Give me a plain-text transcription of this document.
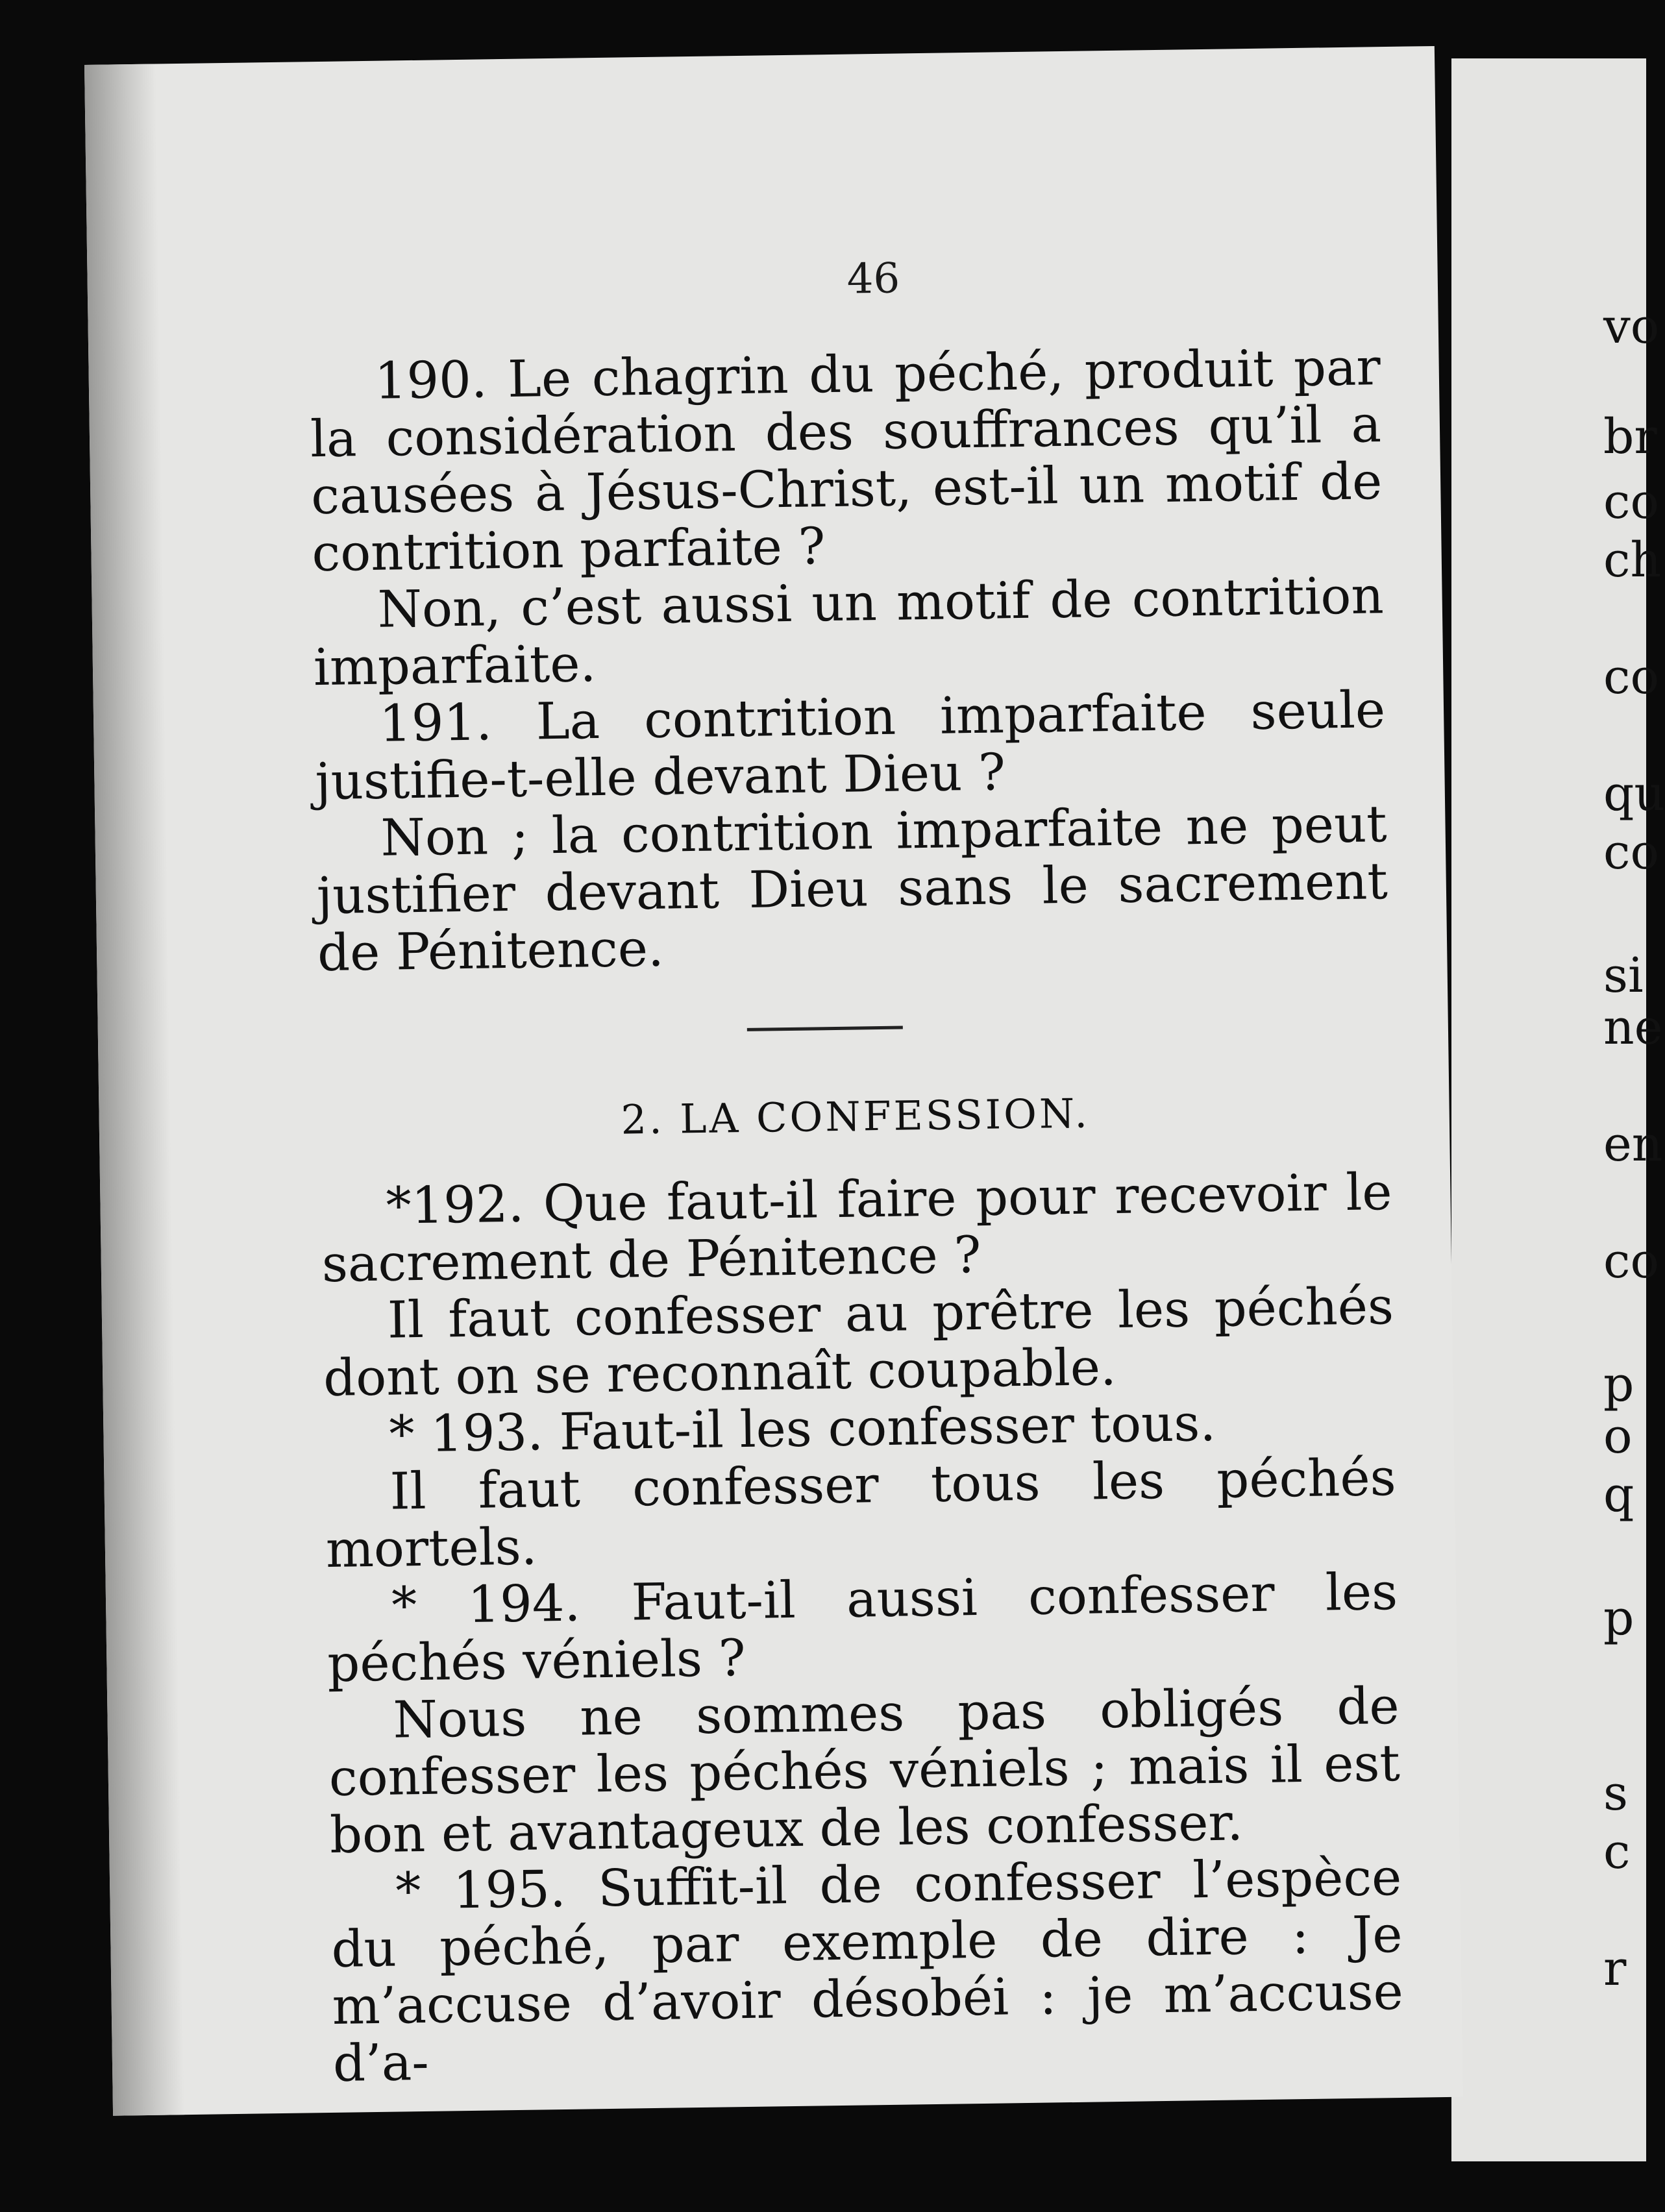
vo
br
co
ch
co
qu
co
si
ne
en
co
p
o
q
p
s
c
r
46

190. Le chagrin du péché, produit par la considération des souffrances qu’il a causées à Jésus-Christ, est-il un motif de contrition parfaite ?

Non, c’est aussi un motif de contrition imparfaite.

191. La contrition imparfaite seule justifie-t-elle devant Dieu ?

Non ; la contrition imparfaite ne peut justifier devant Dieu sans le sacrement de Pénitence.

2. LA CONFESSION.

*192. Que faut-il faire pour recevoir le sacrement de Pénitence ?

Il faut confesser au prêtre les péchés dont on se reconnaît coupable.

* 193. Faut-il les confesser tous.

Il faut confesser tous les péchés mortels.

* 194. Faut-il aussi confesser les péchés véniels ?

Nous ne sommes pas obligés de confesser les péchés véniels ; mais il est bon et avantageux de les confesser.

* 195. Suffit-il de confesser l’espèce du péché, par exemple de dire : Je m’accuse d’avoir désobéi : je m’accuse d’a-
